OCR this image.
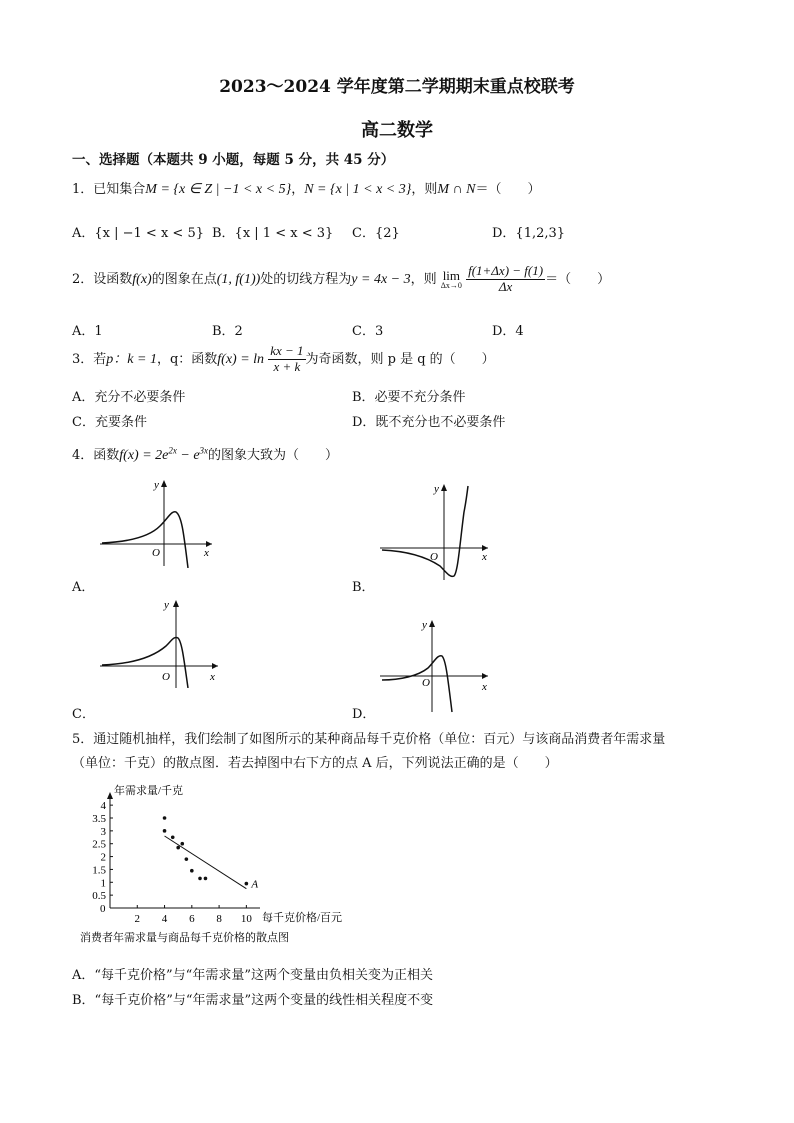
2023～2024 学年度第二学期期末重点校联考
高二数学
一、选择题（本题共 9 小题，每题 5 分，共 45 分）
1．已知集合M = {x ∈ Z | −1 < x < 5}，N = {x | 1 < x < 3}，则M ∩ N＝（　　）
A．{x | −1 < x < 5} B．{x | 1 < x < 3} C．{2}	D．{1,2,3}
2．设函数f(x)的图象在点(1, f(1))处的切线方程为y = 4x − 3，则 lim
Δx→0
$\frac{f(1+\Delta x) - f(1)}{\Delta x}$ ＝（　　）
A．1	B．2	C．3	D．4
3．若p：k = 1，q：函数$f(x) = \ln \frac{kx - 1}{x + k}$ 为奇函数，则 p 是 q 的（　　）
A．充分不必要条件	B．必要不充分条件
C．充要条件	D．既不充分也不必要条件
4．函数$f(x) = 2e^{2x} - e^{3x}$的图象大致为（　　）
y
x
O
A．
y
x
O
B．
y
x
O
C．
y
x
O
D．
5．通过随机抽样，我们绘制了如图所示的某种商品每千克价格（单位：百元）与该商品消费者年需求量
（单位：千克）的散点图．若去掉图中右下方的点 A 后，下列说法正确的是（　　）
0
0.5
1
1.5
2
2.5
3
3.5
4
2 4 6 8 10
A
年需求量/千克
每千克价格/百元
消费者年需求量与商品每千克价格的散点图
A．“每千克价格”与“年需求量”这两个变量由负相关变为正相关
B．“每千克价格”与“年需求量”这两个变量的线性相关程度不变
